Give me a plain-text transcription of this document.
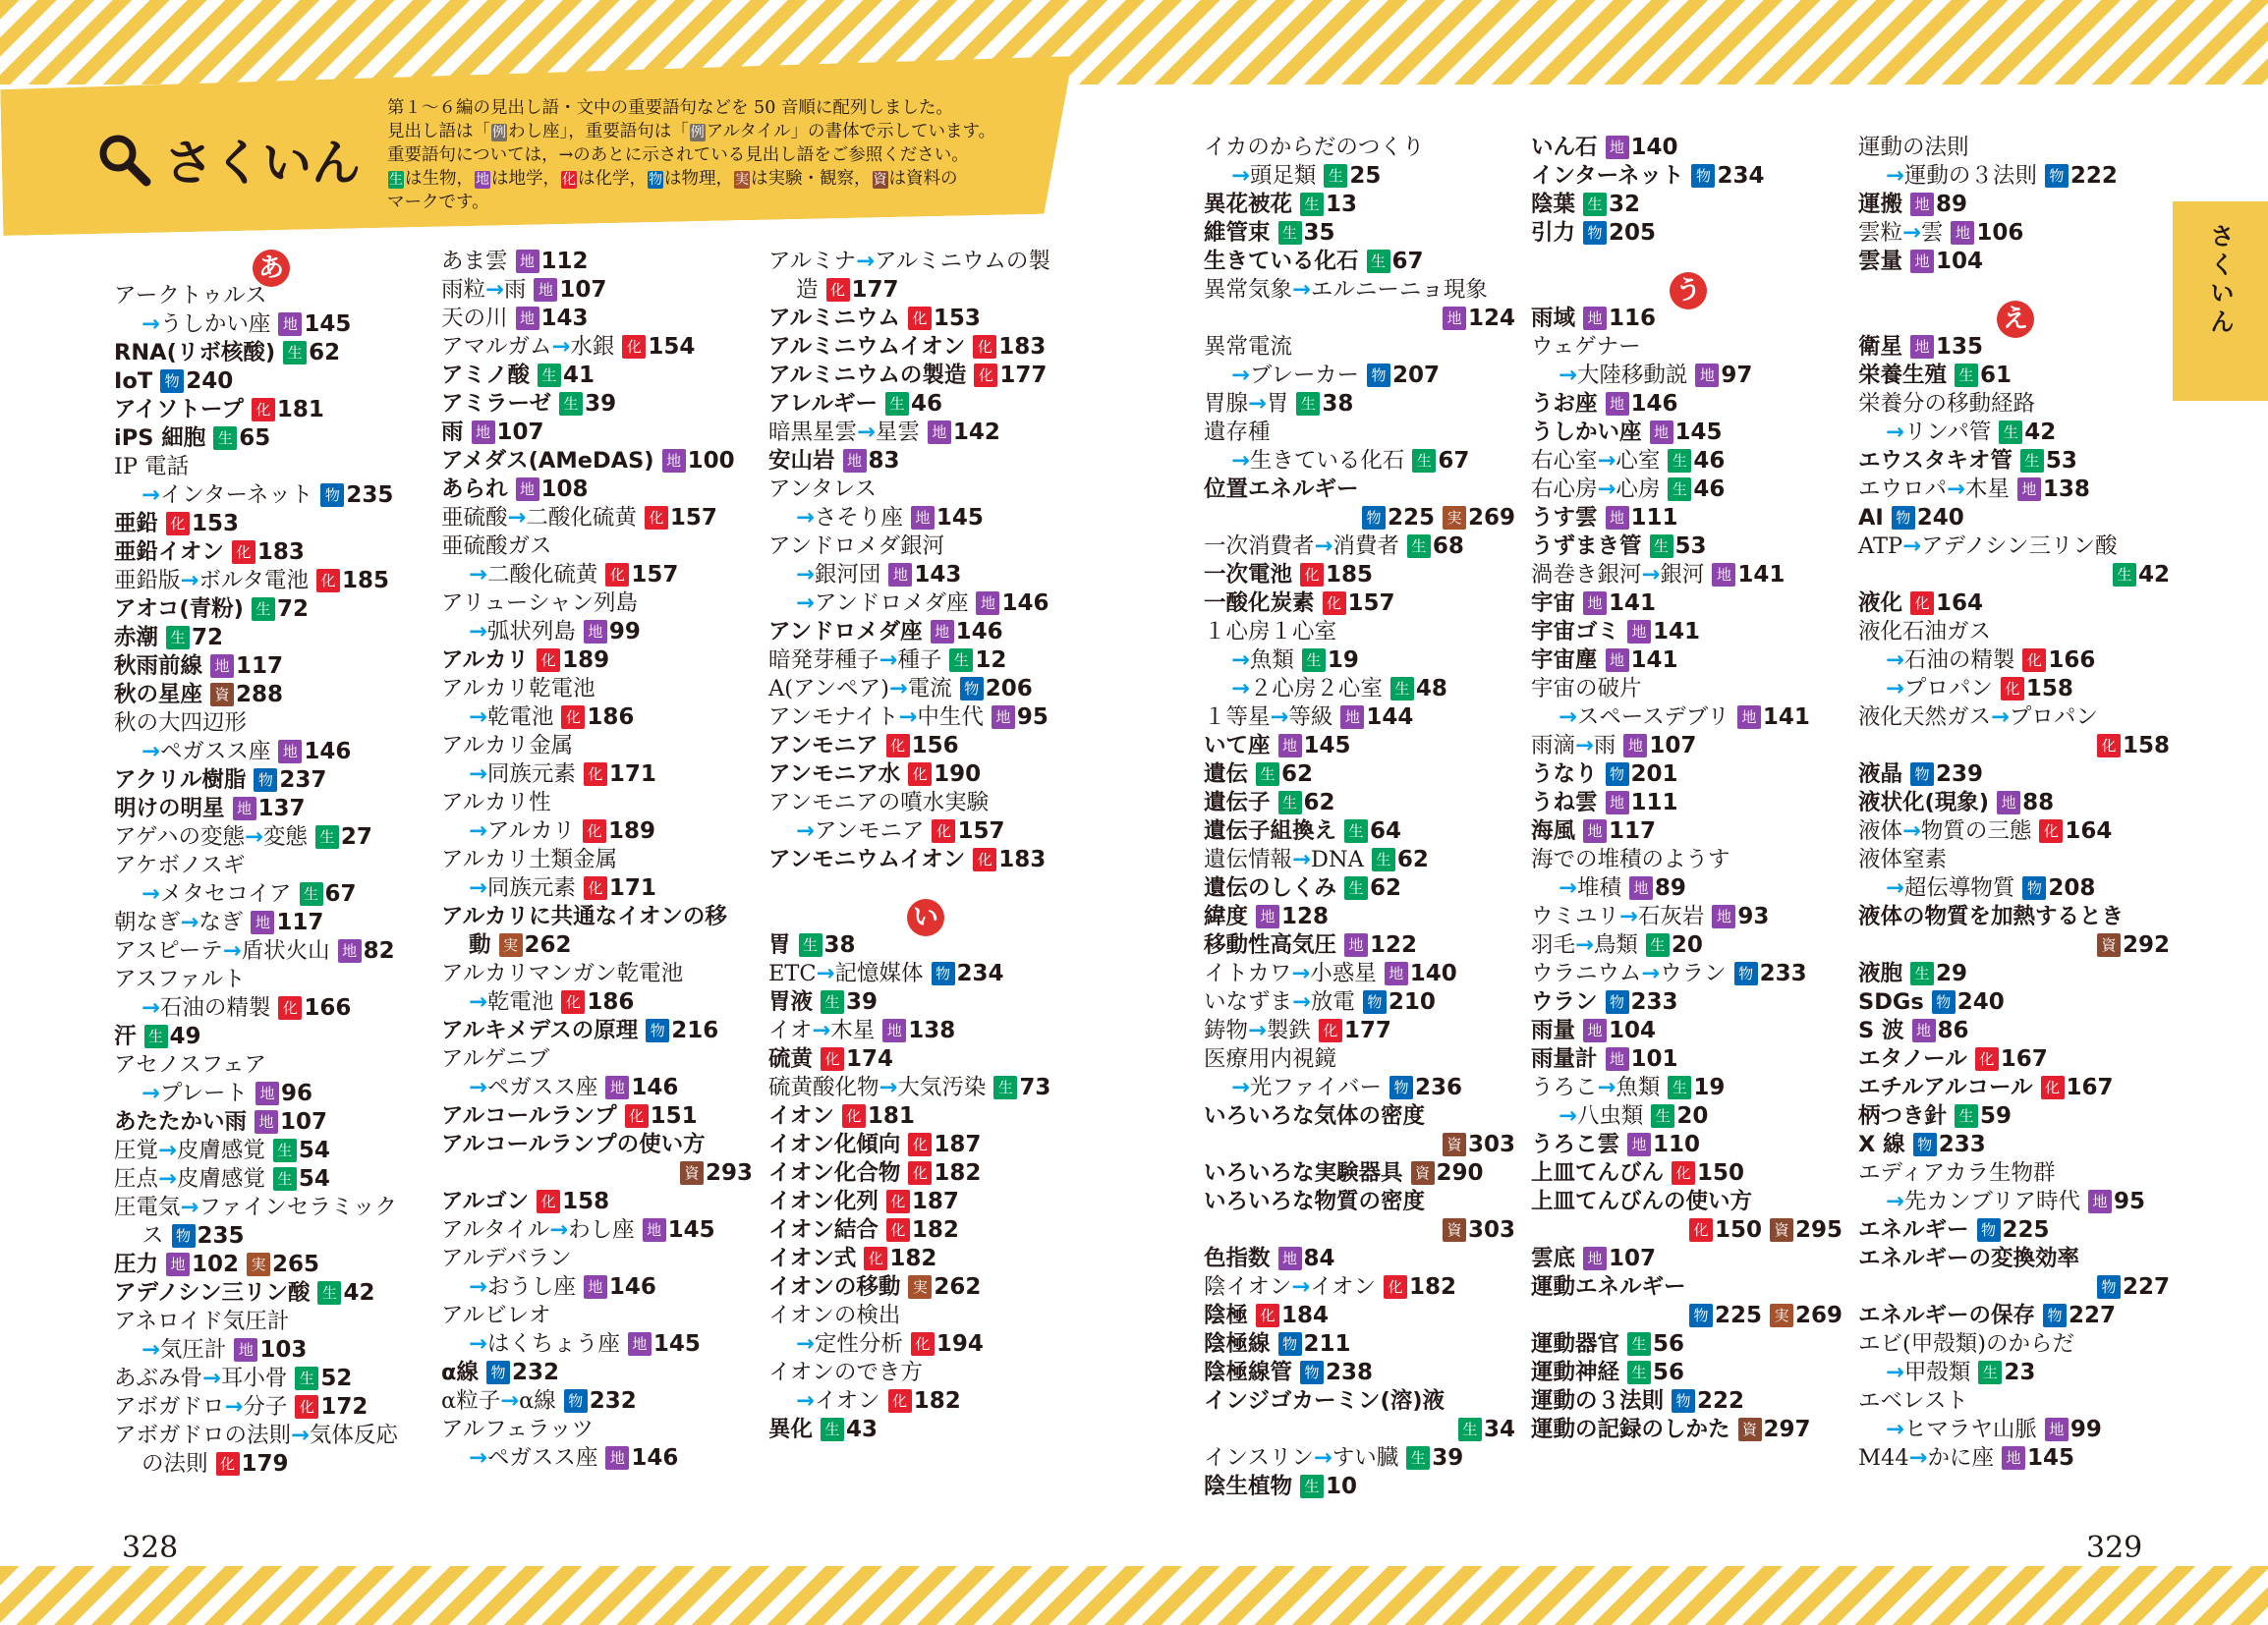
さくいん

第１～６編の見出し語・文中の重要語句などを 50 音順に配列しました。

見出し語は「 例 わし座」，重要語句は「 例 アルタイル」の書体で示しています。

重要語句については，→のあとに示されている見出し語をご参照ください。

生 は生物， 地 は地学， 化 は化学， 物 は物理， 実 は実験・観察， 資 は資料の

マークです。

さくいん
あ
アークトゥルス
→うしかい座 地 145
RNA(リボ核酸) 生 62
IoT 物 240
アイソトープ 化 181
iPS 細胞 生 65
IP 電話
→インターネット 物 235
亜鉛 化 153
亜鉛イオン 化 183
亜鉛版→ボルタ電池 化 185
アオコ(青粉) 生 72
赤潮 生 72
秋雨前線 地 117
秋の星座 資 288
秋の大四辺形
→ペガスス座 地 146
アクリル樹脂 物 237
明けの明星 地 137
アゲハの変態→変態 生 27
アケボノスギ
→メタセコイア 生 67
朝なぎ→なぎ 地 117
アスピーテ→盾状火山 地 82
アスファルト
→石油の精製 化 166
汗 生 49
アセノスフェア
→プレート 地 96
あたたかい雨 地 107
圧覚→皮膚感覚 生 54
圧点→皮膚感覚 生 54
圧電気→ファインセラミック
ス 物 235
圧力 地 102 実 265
アデノシン三リン酸 生 42
アネロイド気圧計
→気圧計 地 103
あぶみ骨→耳小骨 生 52
アボガドロ→分子 化 172
アボガドロの法則→気体反応
の法則 化 179
あま雲 地 112
雨粒→雨 地 107
天の川 地 143
アマルガム→水銀 化 154
アミノ酸 生 41
アミラーゼ 生 39
雨 地 107
アメダス(AMeDAS) 地 100
あられ 地 108
亜硫酸→二酸化硫黄 化 157
亜硫酸ガス
→二酸化硫黄 化 157
アリューシャン列島
→弧状列島 地 99
アルカリ 化 189
アルカリ乾電池
→乾電池 化 186
アルカリ金属
→同族元素 化 171
アルカリ性
→アルカリ 化 189
アルカリ土類金属
→同族元素 化 171
アルカリに共通なイオンの移
動 実 262
アルカリマンガン乾電池
→乾電池 化 186
アルキメデスの原理 物 216
アルゲニブ
→ペガスス座 地 146
アルコールランプ 化 151
アルコールランプの使い方
資 293
アルゴン 化 158
アルタイル→わし座 地 145
アルデバラン
→おうし座 地 146
アルビレオ
→はくちょう座 地 145
α線 物 232
α粒子→α線 物 232
アルフェラッツ
→ペガスス座 地 146
アルミナ→アルミニウムの製
造 化 177
アルミニウム 化 153
アルミニウムイオン 化 183
アルミニウムの製造 化 177
アレルギー 生 46
暗黒星雲→星雲 地 142
安山岩 地 83
アンタレス
→さそり座 地 145
アンドロメダ銀河
→銀河団 地 143
→アンドロメダ座 地 146
アンドロメダ座 地 146
暗発芽種子→種子 生 12
A(アンペア)→電流 物 206
アンモナイト→中生代 地 95
アンモニア 化 156
アンモニア水 化 190
アンモニアの噴水実験
→アンモニア 化 157
アンモニウムイオン 化 183
い
胃 生 38
ETC→記憶媒体 物 234
胃液 生 39
イオ→木星 地 138
硫黄 化 174
硫黄酸化物→大気汚染 生 73
イオン 化 181
イオン化傾向 化 187
イオン化合物 化 182
イオン化列 化 187
イオン結合 化 182
イオン式 化 182
イオンの移動 実 262
イオンの検出
→定性分析 化 194
イオンのでき方
→イオン 化 182
異化 生 43
イカのからだのつくり
→頭足類 生 25
異花被花 生 13
維管束 生 35
生きている化石 生 67
異常気象→エルニーニョ現象
地 124
異常電流
→ブレーカー 物 207
胃腺→胃 生 38
遺存種
→生きている化石 生 67
位置エネルギー
物 225 実 269
一次消費者→消費者 生 68
一次電池 化 185
一酸化炭素 化 157
１心房１心室
→魚類 生 19
→２心房２心室 生 48
１等星→等級 地 144
いて座 地 145
遺伝 生 62
遺伝子 生 62
遺伝子組換え 生 64
遺伝情報→DNA 生 62
遺伝のしくみ 生 62
緯度 地 128
移動性高気圧 地 122
イトカワ→小惑星 地 140
いなずま→放電 物 210
鋳物→製鉄 化 177
医療用内視鏡
→光ファイバー 物 236
いろいろな気体の密度
資 303
いろいろな実験器具 資 290
いろいろな物質の密度
資 303
色指数 地 84
陰イオン→イオン 化 182
陰極 化 184
陰極線 物 211
陰極線管 物 238
インジゴカーミン(溶)液
生 34
インスリン→すい臓 生 39
陰生植物 生 10
いん石 地 140
インターネット 物 234
陰葉 生 32
引力 物 205
う
雨域 地 116
ウェゲナー
→大陸移動説 地 97
うお座 地 146
うしかい座 地 145
右心室→心室 生 46
右心房→心房 生 46
うす雲 地 111
うずまき管 生 53
渦巻き銀河→銀河 地 141
宇宙 地 141
宇宙ゴミ 地 141
宇宙塵 地 141
宇宙の破片
→スペースデブリ 地 141
雨滴→雨 地 107
うなり 物 201
うね雲 地 111
海風 地 117
海での堆積のようす
→堆積 地 89
ウミユリ→石灰岩 地 93
羽毛→鳥類 生 20
ウラニウム→ウラン 物 233
ウラン 物 233
雨量 地 104
雨量計 地 101
うろこ→魚類 生 19
→八虫類 生 20
うろこ雲 地 110
上皿てんびん 化 150
上皿てんびんの使い方
化 150 資 295
雲底 地 107
運動エネルギー
物 225 実 269
運動器官 生 56
運動神経 生 56
運動の３法則 物 222
運動の記録のしかた 資 297
運動の法則
→運動の３法則 物 222
運搬 地 89
雲粒→雲 地 106
雲量 地 104
え
衛星 地 135
栄養生殖 生 61
栄養分の移動経路
→リンパ管 生 42
エウスタキオ管 生 53
エウロパ→木星 地 138
AI 物 240
ATP→アデノシン三リン酸
生 42
液化 化 164
液化石油ガス
→石油の精製 化 166
→プロパン 化 158
液化天然ガス→プロパン
化 158
液晶 物 239
液状化(現象) 地 88
液体→物質の三態 化 164
液体窒素
→超伝導物質 物 208
液体の物質を加熱するとき
資 292
液胞 生 29
SDGs 物 240
S 波 地 86
エタノール 化 167
エチルアルコール 化 167
柄つき針 生 59
X 線 物 233
エディアカラ生物群
→先カンブリア時代 地 95
エネルギー 物 225
エネルギーの変換効率
物 227
エネルギーの保存 物 227
エビ(甲殻類)のからだ
→甲殻類 生 23
エベレスト
→ヒマラヤ山脈 地 99
M44→かに座 地 145
328	329
